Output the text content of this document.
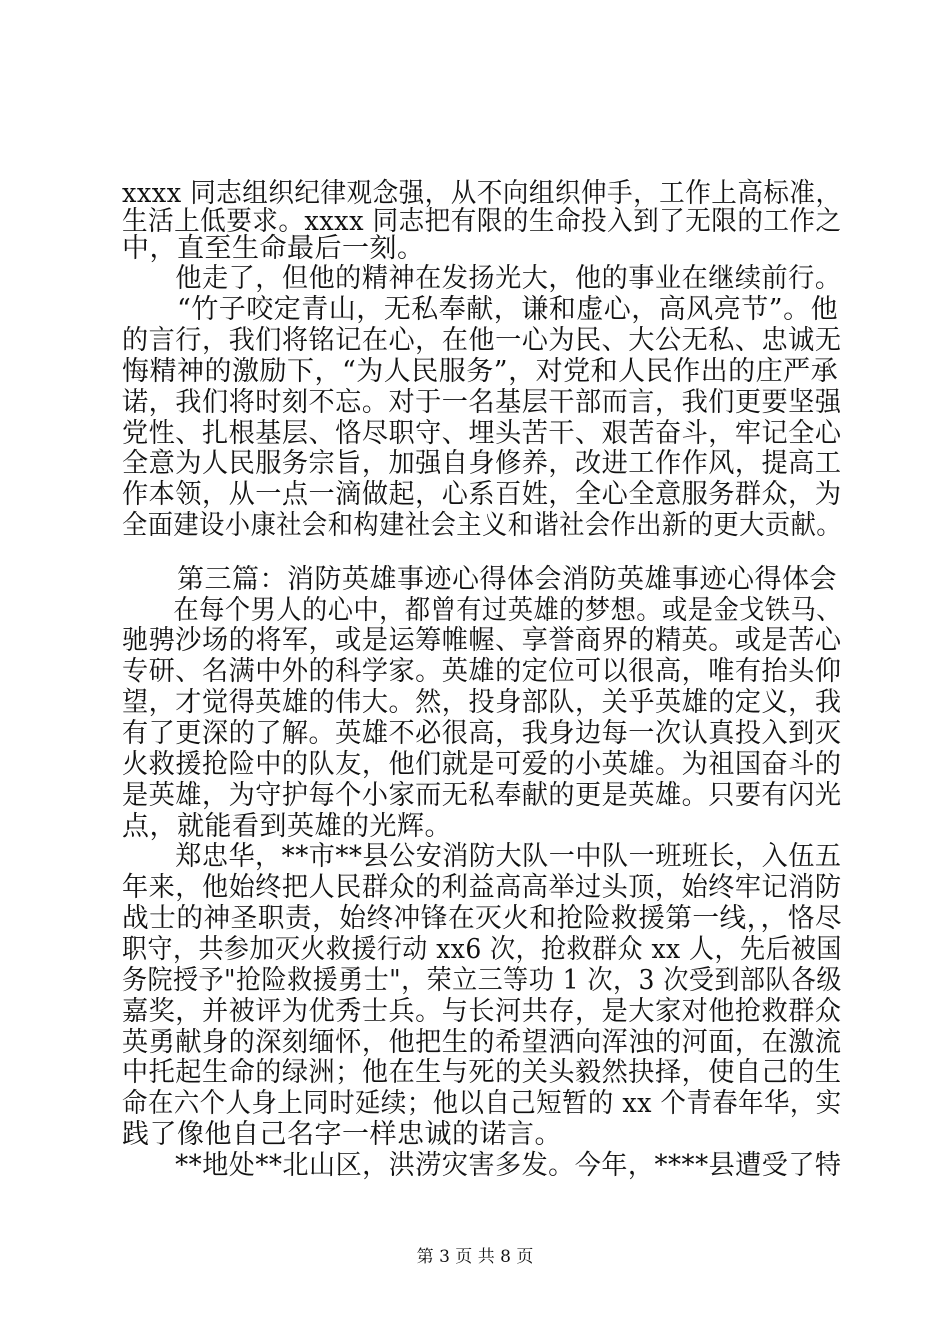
xxxx 同志组织纪律观念强，从不向组织伸手，工作上高标准，
生活上低要求。xxxx 同志把有限的生命投入到了无限的工作之
中，直至生命最后一刻。
　　他走了，但他的精神在发扬光大，他的事业在继续前行。
　　“竹子咬定青山，无私奉献，谦和虚心，高风亮节”。他
的言行，我们将铭记在心，在他一心为民、大公无私、忠诚无
悔精神的激励下，“为人民服务”，对党和人民作出的庄严承
诺，我们将时刻不忘。对于一名基层干部而言，我们更要坚强
党性、扎根基层、恪尽职守、埋头苦干、艰苦奋斗，牢记全心
全意为人民服务宗旨，加强自身修养，改进工作作风，提高工
作本领，从一点一滴做起，心系百姓，全心全意服务群众，为
全面建设小康社会和构建社会主义和谐社会作出新的更大贡献。
　　第三篇：消防英雄事迹心得体会消防英雄事迹心得体会
　　在每个男人的心中，都曾有过英雄的梦想。或是金戈铁马、
驰骋沙场的将军，或是运筹帷幄、享誉商界的精英。或是苦心
专研、名满中外的科学家。英雄的定位可以很高，唯有抬头仰
望，才觉得英雄的伟大。然，投身部队，关乎英雄的定义，我
有了更深的了解。英雄不必很高，我身边每一次认真投入到灭
火救援抢险中的队友，他们就是可爱的小英雄。为祖国奋斗的
是英雄，为守护每个小家而无私奉献的更是英雄。只要有闪光
点，就能看到英雄的光辉。
　　郑忠华，**市**县公安消防大队一中队一班班长，入伍五
年来，他始终把人民群众的利益高高举过头顶，始终牢记消防
战士的神圣职责，始终冲锋在灭火和抢险救援第一线，，恪尽
职守，共参加灭火救援行动 xx6 次，抢救群众 xx 人，先后被国
务院授予"抢险救援勇士"，荣立三等功 1 次，3 次受到部队各级
嘉奖，并被评为优秀士兵。与长河共存，是大家对他抢救群众
英勇献身的深刻缅怀，他把生的希望洒向浑浊的河面，在激流
中托起生命的绿洲；他在生与死的关头毅然抉择，使自己的生
命在六个人身上同时延续；他以自己短暂的 xx 个青春年华，实
践了像他自己名字一样忠诚的诺言。
　　**地处**北山区，洪涝灾害多发。今年，****县遭受了特
第 3 页 共 8 页
